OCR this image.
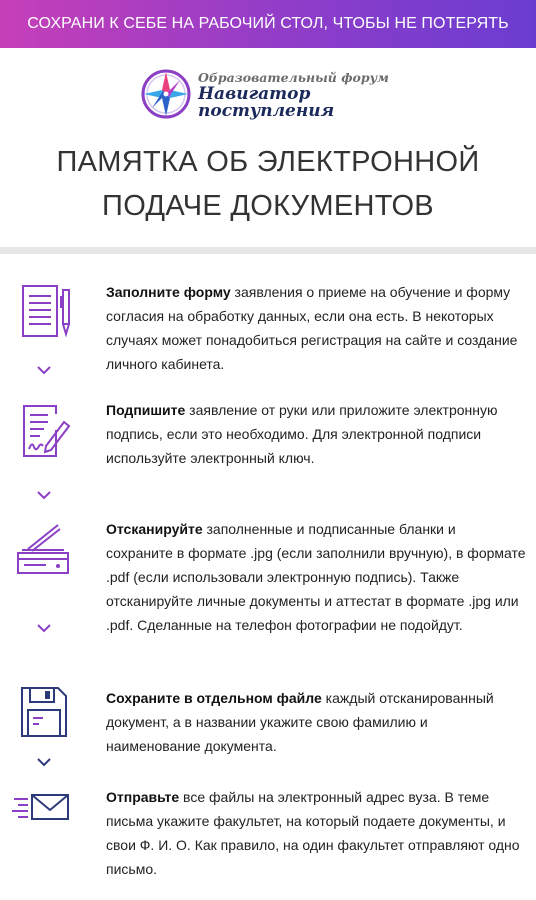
СОХРАНИ К СЕБЕ НА РАБОЧИЙ СТОЛ, ЧТОБЫ НЕ ПОТЕРЯТЬ
Образовательный форум
Навигатор
поступления
ПАМЯТКА ОБ ЭЛЕКТРОННОЙ
ПОДАЧЕ ДОКУМЕНТОВ
Заполните форму заявления о приеме на обучение и форму согласия на обработку данных, если она есть. В некоторых случаях может понадобиться регистрация на сайте и создание личного кабинета.
Подпишите заявление от руки или приложите электронную подпись, если это необходимо. Для электронной подписи используйте электронный ключ.
Отсканируйте заполненные и подписанные бланки и сохраните в формате .jpg (если заполнили вручную), в формате .pdf (если использовали электронную подпись). Также отсканируйте личные документы и аттестат в формате .jpg или .pdf. Сделанные на телефон фотографии не подойдут.
Сохраните в отдельном файле каждый отсканированный документ, а в названии укажите свою фамилию и наименование документа.
Отправьте все файлы на электронный адрес вуза. В теме письма укажите факультет, на который подаете документы, и свои Ф. И. О. Как правило, на один факультет отправляют одно письмо.
